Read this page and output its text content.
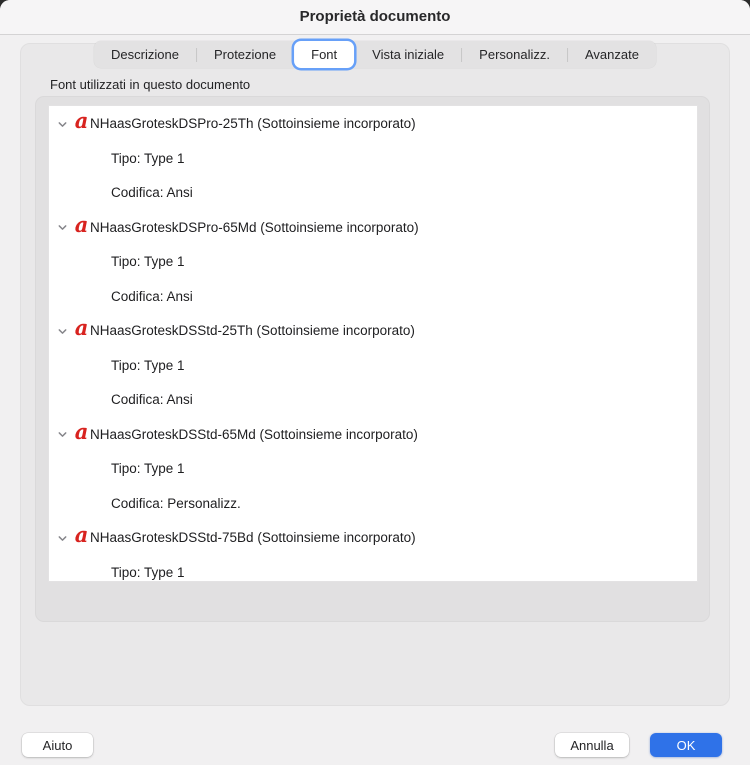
Proprietà documento
Descrizione	Protezione	Font	Vista iniziale	Personalizz.	Avanzate
Font utilizzati in questo documento
a NHaasGroteskDSPro-25Th (Sottoinsieme incorporato)
Tipo: Type 1
Codifica: Ansi
a NHaasGroteskDSPro-65Md (Sottoinsieme incorporato)
Tipo: Type 1
Codifica: Ansi
a NHaasGroteskDSStd-25Th (Sottoinsieme incorporato)
Tipo: Type 1
Codifica: Ansi
a NHaasGroteskDSStd-65Md (Sottoinsieme incorporato)
Tipo: Type 1
Codifica: Personalizz.
a NHaasGroteskDSStd-75Bd (Sottoinsieme incorporato)
Tipo: Type 1
Aiuto	Annulla	OK
